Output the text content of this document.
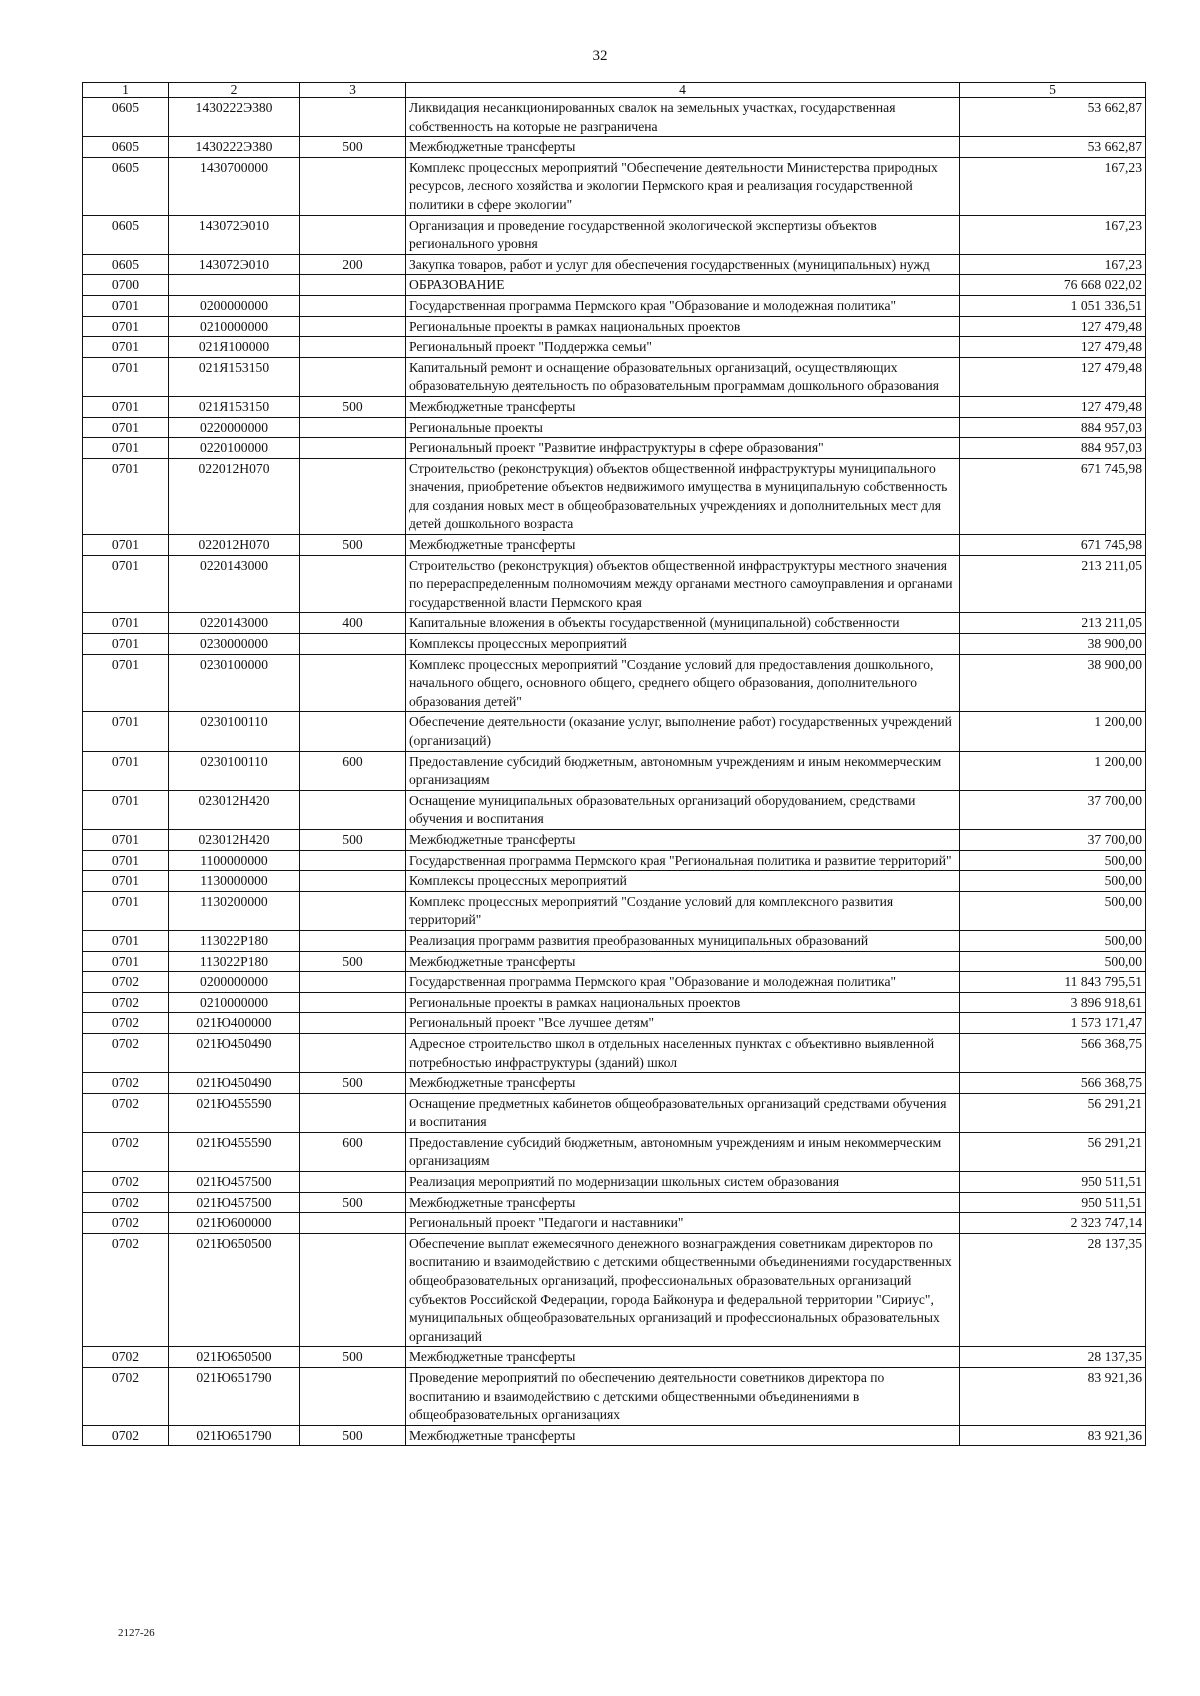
32
1	2	3	4	5
0605	1430222Э380		Ликвидация несанкционированных свалок на земельных участках, государственная собственность на которые не разграничена	53 662,87
0605	1430222Э380	500	Межбюджетные трансферты	53 662,87
0605	1430700000		Комплекс процессных мероприятий "Обеспечение деятельности Министерства природных ресурсов, лесного хозяйства и экологии Пермского края и реализация государственной политики в сфере экологии"	167,23
0605	143072Э010		Организация и проведение государственной экологической экспертизы объектов регионального уровня	167,23
0605	143072Э010	200	Закупка товаров, работ и услуг для обеспечения государственных (муниципальных) нужд	167,23
0700			ОБРАЗОВАНИЕ	76 668 022,02
0701	0200000000		Государственная программа Пермского края "Образование и молодежная политика"	1 051 336,51
0701	0210000000		Региональные проекты в рамках национальных проектов	127 479,48
0701	021Я100000		Региональный проект "Поддержка семьи"	127 479,48
0701	021Я153150		Капитальный ремонт и оснащение образовательных организаций, осуществляющих образовательную деятельность по образовательным программам дошкольного образования	127 479,48
0701	021Я153150	500	Межбюджетные трансферты	127 479,48
0701	0220000000		Региональные проекты	884 957,03
0701	0220100000		Региональный проект "Развитие инфраструктуры в сфере образования"	884 957,03
0701	022012Н070		Строительство (реконструкция) объектов общественной инфраструктуры муниципального значения, приобретение объектов недвижимого имущества в муниципальную собственность для создания новых мест в общеобразовательных учреждениях и дополнительных мест для детей дошкольного возраста	671 745,98
0701	022012Н070	500	Межбюджетные трансферты	671 745,98
0701	0220143000		Строительство (реконструкция) объектов общественной инфраструктуры местного значения по перераспределенным полномочиям между органами местного самоуправления и органами государственной власти Пермского края	213 211,05
0701	0220143000	400	Капитальные вложения в объекты государственной (муниципальной) собственности	213 211,05
0701	0230000000		Комплексы процессных мероприятий	38 900,00
0701	0230100000		Комплекс процессных мероприятий "Создание условий для предоставления дошкольного, начального общего, основного общего, среднего общего образования, дополнительного образования детей"	38 900,00
0701	0230100110		Обеспечение деятельности (оказание услуг, выполнение работ) государственных учреждений (организаций)	1 200,00
0701	0230100110	600	Предоставление субсидий бюджетным, автономным учреждениям и иным некоммерческим организациям	1 200,00
0701	023012Н420		Оснащение муниципальных образовательных организаций оборудованием, средствами обучения и воспитания	37 700,00
0701	023012Н420	500	Межбюджетные трансферты	37 700,00
0701	1100000000		Государственная программа Пермского края "Региональная политика и развитие территорий"	500,00
0701	1130000000		Комплексы процессных мероприятий	500,00
0701	1130200000		Комплекс процессных мероприятий "Создание условий для комплексного развития территорий"	500,00
0701	113022Р180		Реализация программ развития преобразованных муниципальных образований	500,00
0701	113022Р180	500	Межбюджетные трансферты	500,00
0702	0200000000		Государственная программа Пермского края "Образование и молодежная политика"	11 843 795,51
0702	0210000000		Региональные проекты в рамках национальных проектов	3 896 918,61
0702	021Ю400000		Региональный проект "Все лучшее детям"	1 573 171,47
0702	021Ю450490		Адресное строительство школ в отдельных населенных пунктах с объективно выявленной потребностью инфраструктуры (зданий) школ	566 368,75
0702	021Ю450490	500	Межбюджетные трансферты	566 368,75
0702	021Ю455590		Оснащение предметных кабинетов общеобразовательных организаций средствами обучения и воспитания	56 291,21
0702	021Ю455590	600	Предоставление субсидий бюджетным, автономным учреждениям и иным некоммерческим организациям	56 291,21
0702	021Ю457500		Реализация мероприятий по модернизации школьных систем образования	950 511,51
0702	021Ю457500	500	Межбюджетные трансферты	950 511,51
0702	021Ю600000		Региональный проект "Педагоги и наставники"	2 323 747,14
0702	021Ю650500		Обеспечение выплат ежемесячного денежного вознаграждения советникам директоров по воспитанию и взаимодействию с детскими общественными объединениями государственных общеобразовательных организаций, профессиональных образовательных организаций субъектов Российской Федерации, города Байконура и федеральной территории "Сириус", муниципальных общеобразовательных организаций и профессиональных образовательных организаций	28 137,35
0702	021Ю650500	500	Межбюджетные трансферты	28 137,35
0702	021Ю651790		Проведение мероприятий по обеспечению деятельности советников директора по воспитанию и взаимодействию с детскими общественными объединениями в общеобразовательных организациях	83 921,36
0702	021Ю651790	500	Межбюджетные трансферты	83 921,36
2127-26
